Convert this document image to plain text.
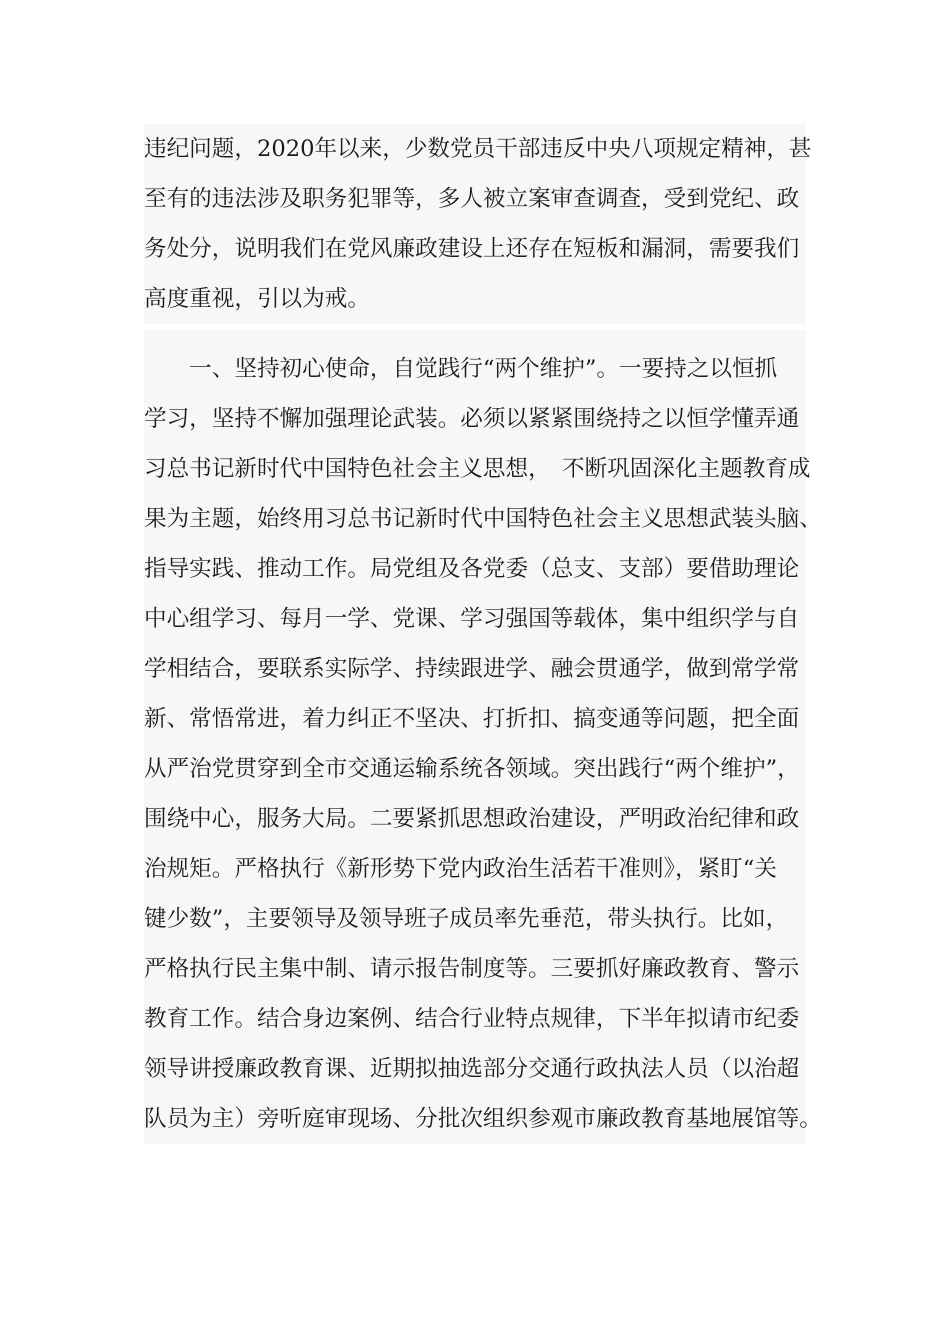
违纪问题，2020年以来，少数党员干部违反中央八项规定精神，甚
至有的违法涉及职务犯罪等，多人被立案审查调查，受到党纪、政
务处分，说明我们在党风廉政建设上还存在短板和漏洞，需要我们
高度重视，引以为戒。
　　一、坚持初心使命，自觉践行“两个维护”。一要持之以恒抓
学习，坚持不懈加强理论武装。必须以紧紧围绕持之以恒学懂弄通
习总书记新时代中国特色社会主义思想，　不断巩固深化主题教育成
果为主题，始终用习总书记新时代中国特色社会主义思想武装头脑、
指导实践、推动工作。局党组及各党委（总支、支部）要借助理论
中心组学习、每月一学、党课、学习强国等载体，集中组织学与自
学相结合，要联系实际学、持续跟进学、融会贯通学，做到常学常
新、常悟常进，着力纠正不坚决、打折扣、搞变通等问题，把全面
从严治党贯穿到全市交通运输系统各领域。突出践行“两个维护”，
围绕中心，服务大局。二要紧抓思想政治建设，严明政治纪律和政
治规矩。严格执行《新形势下党内政治生活若干准则》，紧盯“关
键少数”，主要领导及领导班子成员率先垂范，带头执行。比如，
严格执行民主集中制、请示报告制度等。三要抓好廉政教育、警示
教育工作。结合身边案例、结合行业特点规律，下半年拟请市纪委
领导讲授廉政教育课、近期拟抽选部分交通行政执法人员（以治超
队员为主）旁听庭审现场、分批次组织参观市廉政教育基地展馆等。
